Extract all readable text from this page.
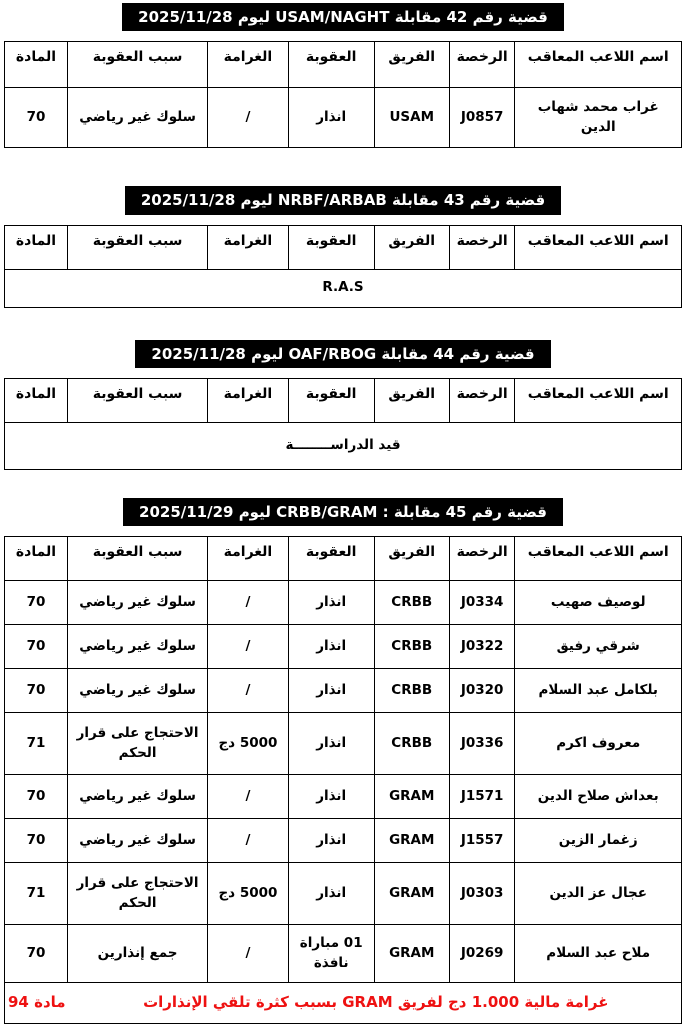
قضية رقم 42 مقابلة USAM/NAGHT ليوم 2025/11/28
اسم اللاعب المعاقب	الرخصة	الفريق	العقوبة	الغرامة	سبب العقوبة	المادة
غراب محمد شهاب الدين	J0857	USAM	انذار	/	سلوك غير رياضي	70
قضية رقم 43 مقابلة NRBF/ARBAB ليوم 2025/11/28
اسم اللاعب المعاقب	الرخصة	الفريق	العقوبة	الغرامة	سبب العقوبة	المادة
R.A.S
قضية رقم 44 مقابلة OAF/RBOG ليوم 2025/11/28
اسم اللاعب المعاقب	الرخصة	الفريق	العقوبة	الغرامة	سبب العقوبة	المادة
قيد الدراســــــــة
قضية رقم 45 مقابلة : CRBB/GRAM ليوم 2025/11/29
اسم اللاعب المعاقب	الرخصة	الفريق	العقوبة	الغرامة	سبب العقوبة	المادة
لوصيف صهيب	J0334	CRBB	انذار	/	سلوك غير رياضي	70
شرقي رفيق	J0322	CRBB	انذار	/	سلوك غير رياضي	70
بلكامل عبد السلام	J0320	CRBB	انذار	/	سلوك غير رياضي	70
معروف اكرم	J0336	CRBB	انذار	5000 دج	الاحتجاج على قرار الحكم	71
بعداش صلاح الدين	J1571	GRAM	انذار	/	سلوك غير رياضي	70
زغمار الزين	J1557	GRAM	انذار	/	سلوك غير رياضي	70
عجال عز الدين	J0303	GRAM	انذار	5000 دج	الاحتجاج على قرار الحكم	71
ملاح عبد السلام	J0269	GRAM	01 مباراة نافذة	/	جمع إنذارين	70

غرامة مالية 1.000 دج لفريق GRAM بسبب كثرة تلقي الإنذارات
مادة 94						
